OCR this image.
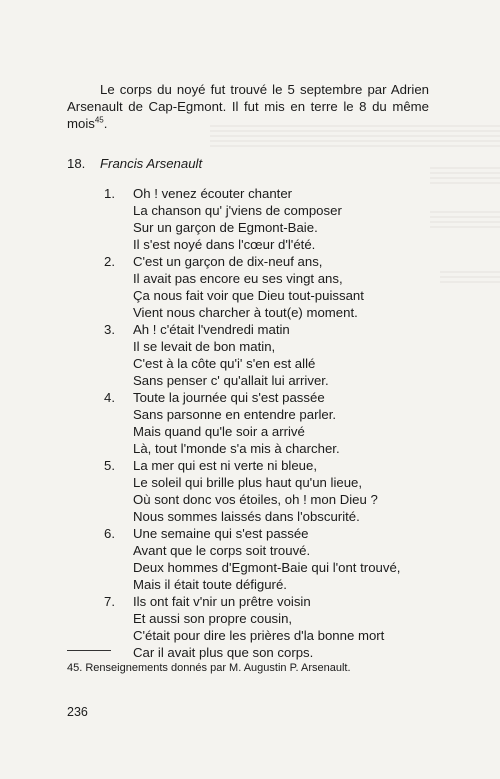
Le corps du noyé fut trouvé le 5 septembre par Adrien Arsenault de Cap-Egmont. Il fut mis en terre le 8 du même mois$^{45}$.
18. Francis Arsenault
1.	Oh ! venez écouter chanter
La chanson qu' j'viens de composer
Sur un garçon de Egmont-Baie.
Il s'est noyé dans l'cœur d'l'été.
2.	C'est un garçon de dix-neuf ans,
Il avait pas encore eu ses vingt ans,
Ça nous fait voir que Dieu tout-puissant
Vient nous charcher à tout(e) moment.
3.	Ah ! c'était l'vendredi matin
Il se levait de bon matin,
C'est à la côte qu'i' s'en est allé
Sans penser c' qu'allait lui arriver.
4.	Toute la journée qui s'est passée
Sans parsonne en entendre parler.
Mais quand qu'le soir a arrivé
Là, tout l'monde s'a mis à charcher.
5.	La mer qui est ni verte ni bleue,
Le soleil qui brille plus haut qu'un lieue,
Où sont donc vos étoiles, oh ! mon Dieu ?
Nous sommes laissés dans l'obscurité.
6.	Une semaine qui s'est passée
Avant que le corps soit trouvé.
Deux hommes d'Egmont-Baie qui l'ont trouvé,
Mais il était toute défiguré.
7.	Ils ont fait v'nir un prêtre voisin
Et aussi son propre cousin,
C'était pour dire les prières d'la bonne mort
Car il avait plus que son corps.
45. Renseignements donnés par M. Augustin P. Arsenault.
236
